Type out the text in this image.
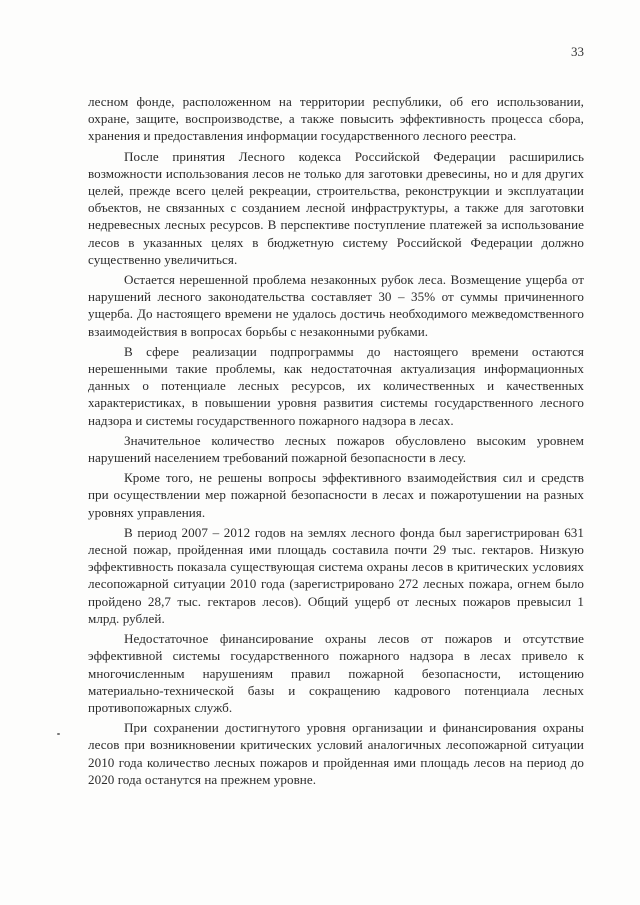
33

лесном фонде, расположенном на территории республики, об его использовании, охране, защите, воспроизводстве, а также повысить эффективность процесса сбора, хранения и предоставления информации государственного лесного реестра.

После принятия Лесного кодекса Российской Федерации расширились возможности использования лесов не только для заготовки древесины, но и для других целей, прежде всего целей рекреации, строительства, реконструкции и эксплуатации объектов, не связанных с созданием лесной инфраструктуры, а также для заготовки недревесных лесных ресурсов. В перспективе поступление платежей за использование лесов в указанных целях в бюджетную систему Российской Федерации должно существенно увеличиться.

Остается нерешенной проблема незаконных рубок леса. Возмещение ущерба от нарушений лесного законодательства составляет 30 – 35% от суммы причиненного ущерба. До настоящего времени не удалось достичь необходимого межведомственного взаимодействия в вопросах борьбы с незаконными рубками.

В сфере реализации подпрограммы до настоящего времени остаются нерешенными такие проблемы, как недостаточная актуализация информационных данных о потенциале лесных ресурсов, их количественных и качественных характеристиках, в повышении уровня развития системы государственного лесного надзора и системы государственного пожарного надзора в лесах.

Значительное количество лесных пожаров обусловлено высоким уровнем нарушений населением требований пожарной безопасности в лесу.

Кроме того, не решены вопросы эффективного взаимодействия сил и средств при осуществлении мер пожарной безопасности в лесах и пожаротушении на разных уровнях управления.

В период 2007 – 2012 годов на землях лесного фонда был зарегистрирован 631 лесной пожар, пройденная ими площадь составила почти 29 тыс. гектаров. Низкую эффективность показала существующая система охраны лесов в критических условиях лесопожарной ситуации 2010 года (зарегистрировано 272 лесных пожара, огнем было пройдено 28,7 тыс. гектаров лесов). Общий ущерб от лесных пожаров превысил 1 млрд. рублей.

Недостаточное финансирование охраны лесов от пожаров и отсутствие эффективной системы государственного пожарного надзора в лесах привело к многочисленным нарушениям правил пожарной безопасности, истощению материально-технической базы и сокращению кадрового потенциала лесных противопожарных служб.

При сохранении достигнутого уровня организации и финансирования охраны лесов при возникновении критических условий аналогичных лесопожарной ситуации 2010 года количество лесных пожаров и пройденная ими площадь лесов на период до 2020 года останутся на прежнем уровне.
